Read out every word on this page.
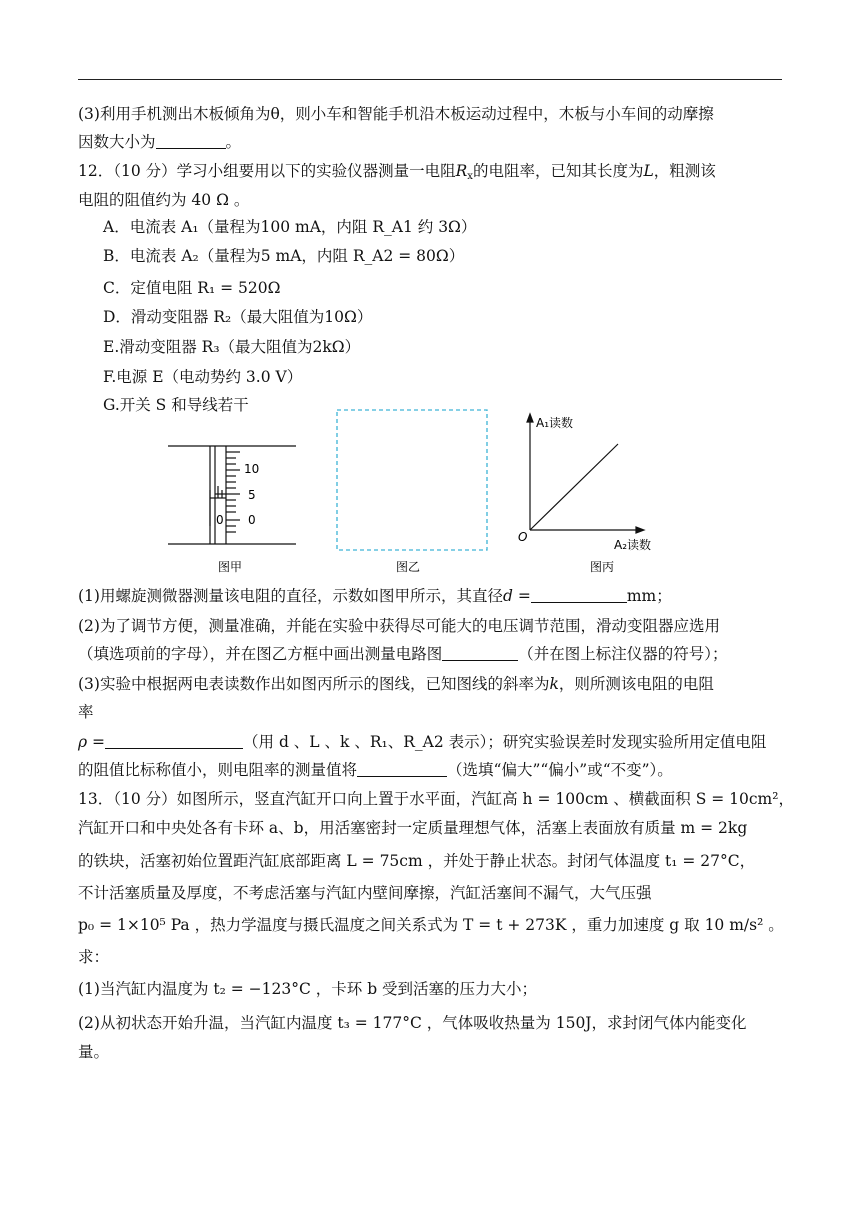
(3)利用手机测出木板倾角为θ，则小车和智能手机沿木板运动过程中，木板与小车间的动摩擦
因数大小为	。
12．（10 分）学习小组要用以下的实验仪器测量一电阻$R_x$的电阻率，已知其长度为L，粗测该
电阻的阻值约为 40 Ω 。
A．电流表 A₁（量程为100 mA，内阻 R_A1 约 3Ω）
B．电流表 A₂（量程为5 mA，内阻 R_A2 = 80Ω）
C．定值电阻 R₁ = 520Ω
D．滑动变阻器 R₂（最大阻值为10Ω）
E.滑动变阻器 R₃（最大阻值为2kΩ）
F.电源 E（电动势约 3.0 V）
G.开关 S 和导线若干
10
5
0
0
图甲	图乙
A₁读数
A₂读数
O
图丙
(1)用螺旋测微器测量该电阻的直径，示数如图甲所示，其直径d =	mm；
(2)为了调节方便，测量准确，并能在实验中获得尽可能大的电压调节范围，滑动变阻器应选用
（填选项前的字母），并在图乙方框中画出测量电路图	（并在图上标注仪器的符号）；
(3)实验中根据两电表读数作出如图丙所示的图线，已知图线的斜率为k，则所测该电阻的电阻
率
ρ =	（用 d 、L 、k 、R₁、R_A2 表示）；研究实验误差时发现实验所用定值电阻
的阻值比标称值小，则电阻率的测量值将	（选填“偏大”“偏小”或“不变”）。
13．（10 分）如图所示，竖直汽缸开口向上置于水平面，汽缸高 h = 100cm 、横截面积 S = 10cm²，
汽缸开口和中央处各有卡环 a、b，用活塞密封一定质量理想气体，活塞上表面放有质量 m = 2kg
的铁块，活塞初始位置距汽缸底部距离 L = 75cm ，并处于静止状态。封闭气体温度 t₁ = 27°C，
不计活塞质量及厚度，不考虑活塞与汽缸内壁间摩擦，汽缸活塞间不漏气，大气压强
p₀ = 1×10⁵ Pa ，热力学温度与摄氏温度之间关系式为 T = t + 273K ，重力加速度 g 取 10 m/s² 。
求：
(1)当汽缸内温度为 t₂ = −123°C ，卡环 b 受到活塞的压力大小；
(2)从初状态开始升温，当汽缸内温度 t₃ = 177°C ，气体吸收热量为 150J，求封闭气体内能变化
量。
